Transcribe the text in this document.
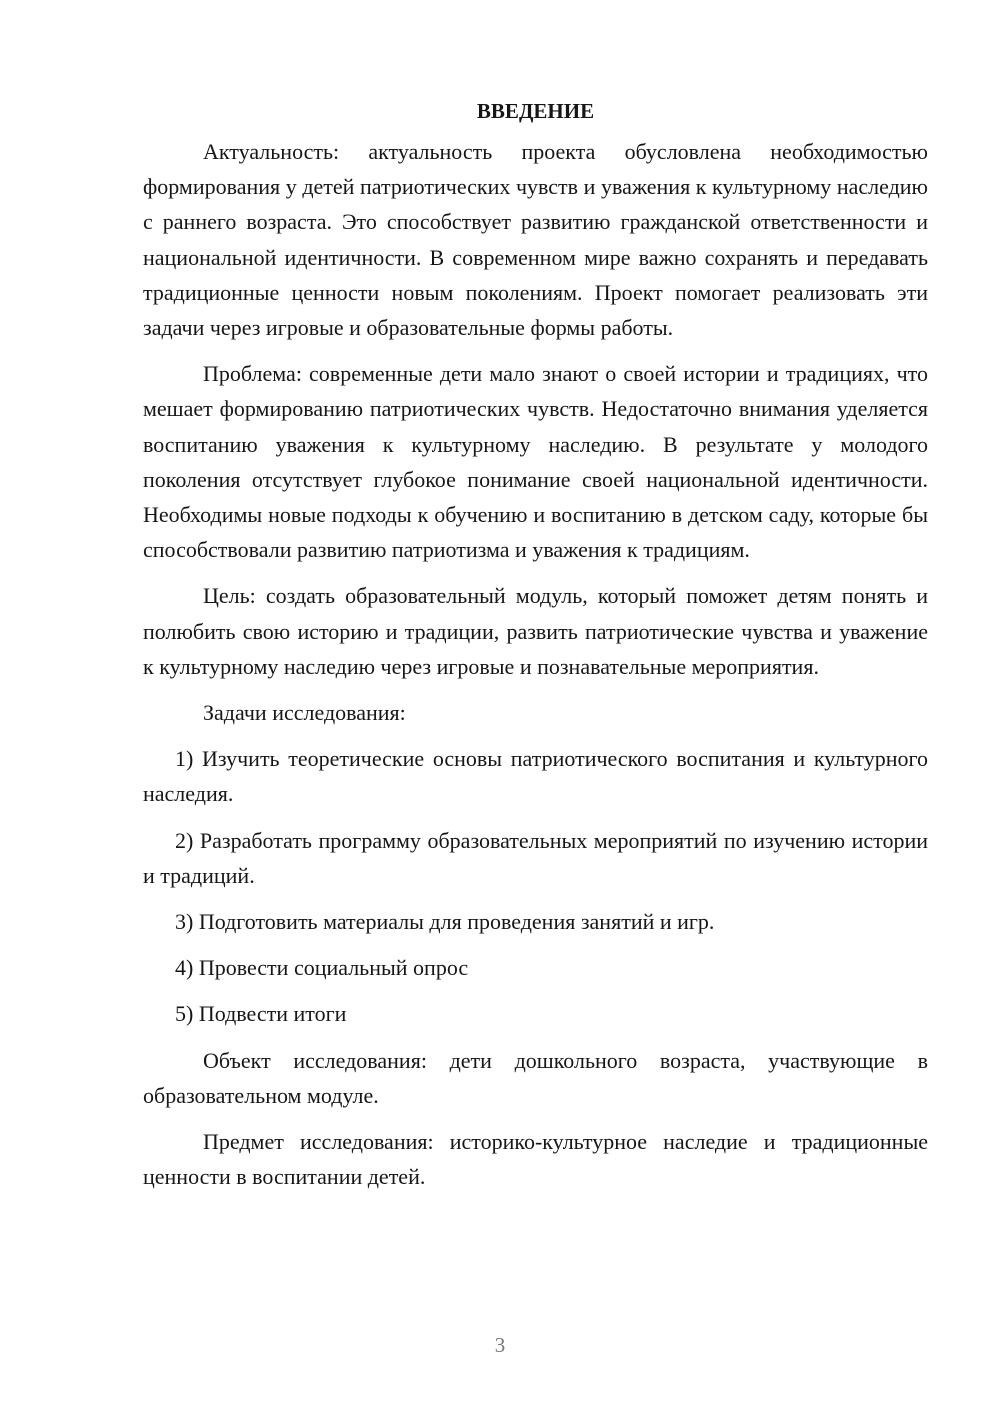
ВВЕДЕНИЕ

Актуальность: актуальность проекта обусловлена необходимостью формирования у детей патриотических чувств и уважения к культурному наследию с раннего возраста. Это способствует развитию гражданской ответственности и национальной идентичности. В современном мире важно сохранять и передавать традиционные ценности новым поколениям. Проект помогает реализовать эти задачи через игровые и образовательные формы работы.

Проблема: современные дети мало знают о своей истории и традициях, что мешает формированию патриотических чувств. Недостаточно внимания уделяется воспитанию уважения к культурному наследию. В результате у молодого поколения отсутствует глубокое понимание своей национальной идентичности. Необходимы новые подходы к обучению и воспитанию в детском саду, которые бы способствовали развитию патриотизма и уважения к традициям.

Цель: создать образовательный модуль, который поможет детям понять и полюбить свою историю и традиции, развить патриотические чувства и уважение к культурному наследию через игровые и познавательные мероприятия.

Задачи исследования:

1) Изучить теоретические основы патриотического воспитания и культурного наследия.

2) Разработать программу образовательных мероприятий по изучению истории и традиций.

3) Подготовить материалы для проведения занятий и игр.

4) Провести социальный опрос

5) Подвести итоги

Объект исследования: дети дошкольного возраста, участвующие в образовательном модуле.

Предмет исследования: историко-культурное наследие и традиционные ценности в воспитании детей.

3
